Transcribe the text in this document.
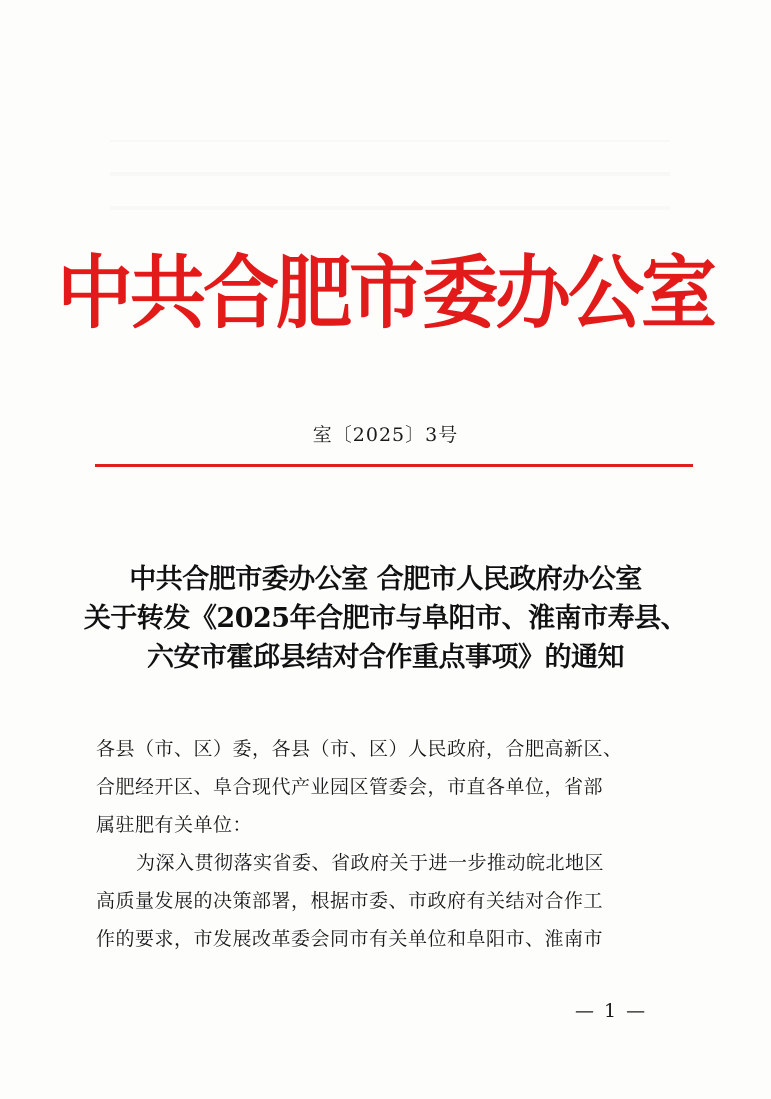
中共合肥市委办公室
室〔2025〕3号
中共合肥市委办公室 合肥市人民政府办公室
关于转发《2025年合肥市与阜阳市、淮南市寿县、
六安市霍邱县结对合作重点事项》的通知
各县（市、区）委，各县（市、区）人民政府，合肥高新区、
合肥经开区、阜合现代产业园区管委会，市直各单位，省部
属驻肥有关单位：
为深入贯彻落实省委、省政府关于进一步推动皖北地区
高质量发展的决策部署，根据市委、市政府有关结对合作工
作的要求，市发展改革委会同市有关单位和阜阳市、淮南市
— 1 —
